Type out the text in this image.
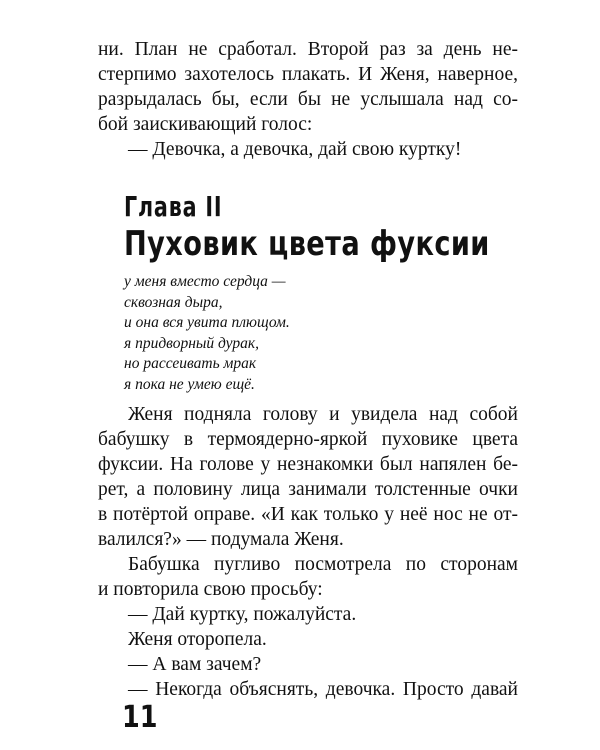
ни. План не сработал. Второй раз за день не-
стерпимо захотелось плакать. И Женя, наверное,
разрыдалась бы, если бы не услышала над со-
бой заискивающий голос:
— Девочка, а девочка, дай свою куртку!
Глава II
Пуховик цвета фуксии
у меня вместо сердца —
сквозная дыра,
и она вся увита плющом.
я придворный дурак,
но рассеивать мрак
я пока не умею ещё.
Женя подняла голову и увидела над собой
бабушку в термоядерно-яркой пуховике цвета
фуксии. На голове у незнакомки был напялен бе-
рет, а половину лица занимали толстенные очки
в потёртой оправе. «И как только у неё нос не от-
валился?» — подумала Женя.
Бабушка пугливо посмотрела по сторонам
и повторила свою просьбу:
— Дай куртку, пожалуйста.
Женя оторопела.
— А вам зачем?
— Некогда объяснять, девочка. Просто давай
11
